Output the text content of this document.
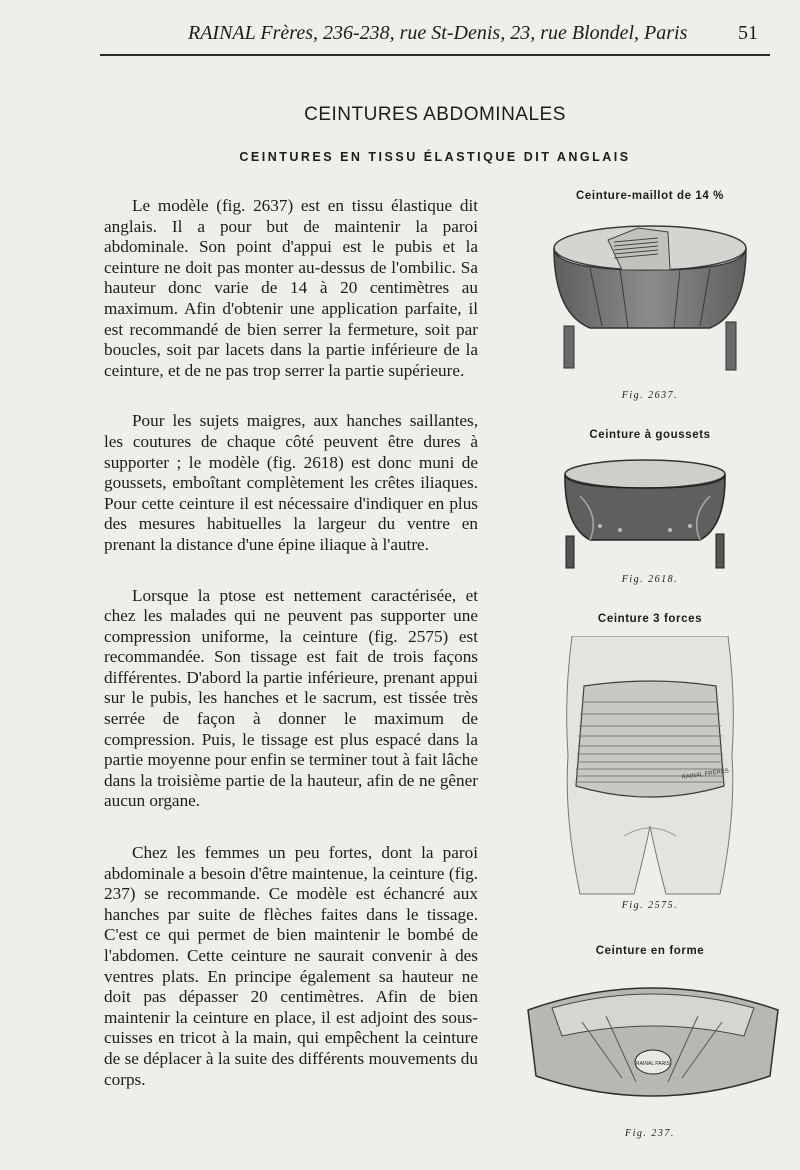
RAINAL Frères, 236-238, rue St-Denis, 23, rue Blondel, Paris	51
CEINTURES ABDOMINALES
CEINTURES EN TISSU ÉLASTIQUE DIT ANGLAIS

Le modèle (fig. 2637) est en tissu élastique dit anglais. Il a pour but de maintenir la paroi abdominale. Son point d'appui est le pubis et la ceinture ne doit pas monter au-dessus de l'ombilic. Sa hauteur donc varie de 14 à 20 centimètres au maximum. Afin d'obtenir une application parfaite, il est recommandé de bien serrer la fermeture, soit par boucles, soit par lacets dans la partie inférieure de la ceinture, et de ne pas trop serrer la partie supérieure.

Pour les sujets maigres, aux hanches saillantes, les coutures de chaque côté peuvent être dures à supporter ; le modèle (fig. 2618) est donc muni de goussets, emboîtant complètement les crêtes iliaques. Pour cette ceinture il est nécessaire d'indiquer en plus des mesures habituelles la largeur du ventre en prenant la distance d'une épine iliaque à l'autre.

Lorsque la ptose est nettement caractérisée, et chez les malades qui ne peuvent pas supporter une compression uniforme, la ceinture (fig. 2575) est recommandée. Son tissage est fait de trois façons différentes. D'abord la partie inférieure, prenant appui sur le pubis, les hanches et le sacrum, est tissée très serrée de façon à donner le maximum de compression. Puis, le tissage est plus espacé dans la partie moyenne pour enfin se terminer tout à fait lâche dans la troisième partie de la hauteur, afin de ne gêner aucun organe.

Chez les femmes un peu fortes, dont la paroi abdominale a besoin d'être maintenue, la ceinture (fig. 237) se recommande. Ce modèle est échancré aux hanches par suite de flèches faites dans le tissage. C'est ce qui permet de bien maintenir le bombé de l'abdomen. Cette ceinture ne saurait convenir à des ventres plats. En principe également sa hauteur ne doit pas dépasser 20 centimètres. Afin de bien maintenir la ceinture en place, il est adjoint des sous-cuisses en tricot à la main, qui empêchent la ceinture de se déplacer à la suite des différents mouvements du corps.

Ceinture-maillot de 14 %
Fig. 2637.
Ceinture à goussets
Fig. 2618.
Ceinture 3 forces
RAINAL FRÈRES
Fig. 2575.
Ceinture en forme
RAINAL PARIS
Fig. 237.
